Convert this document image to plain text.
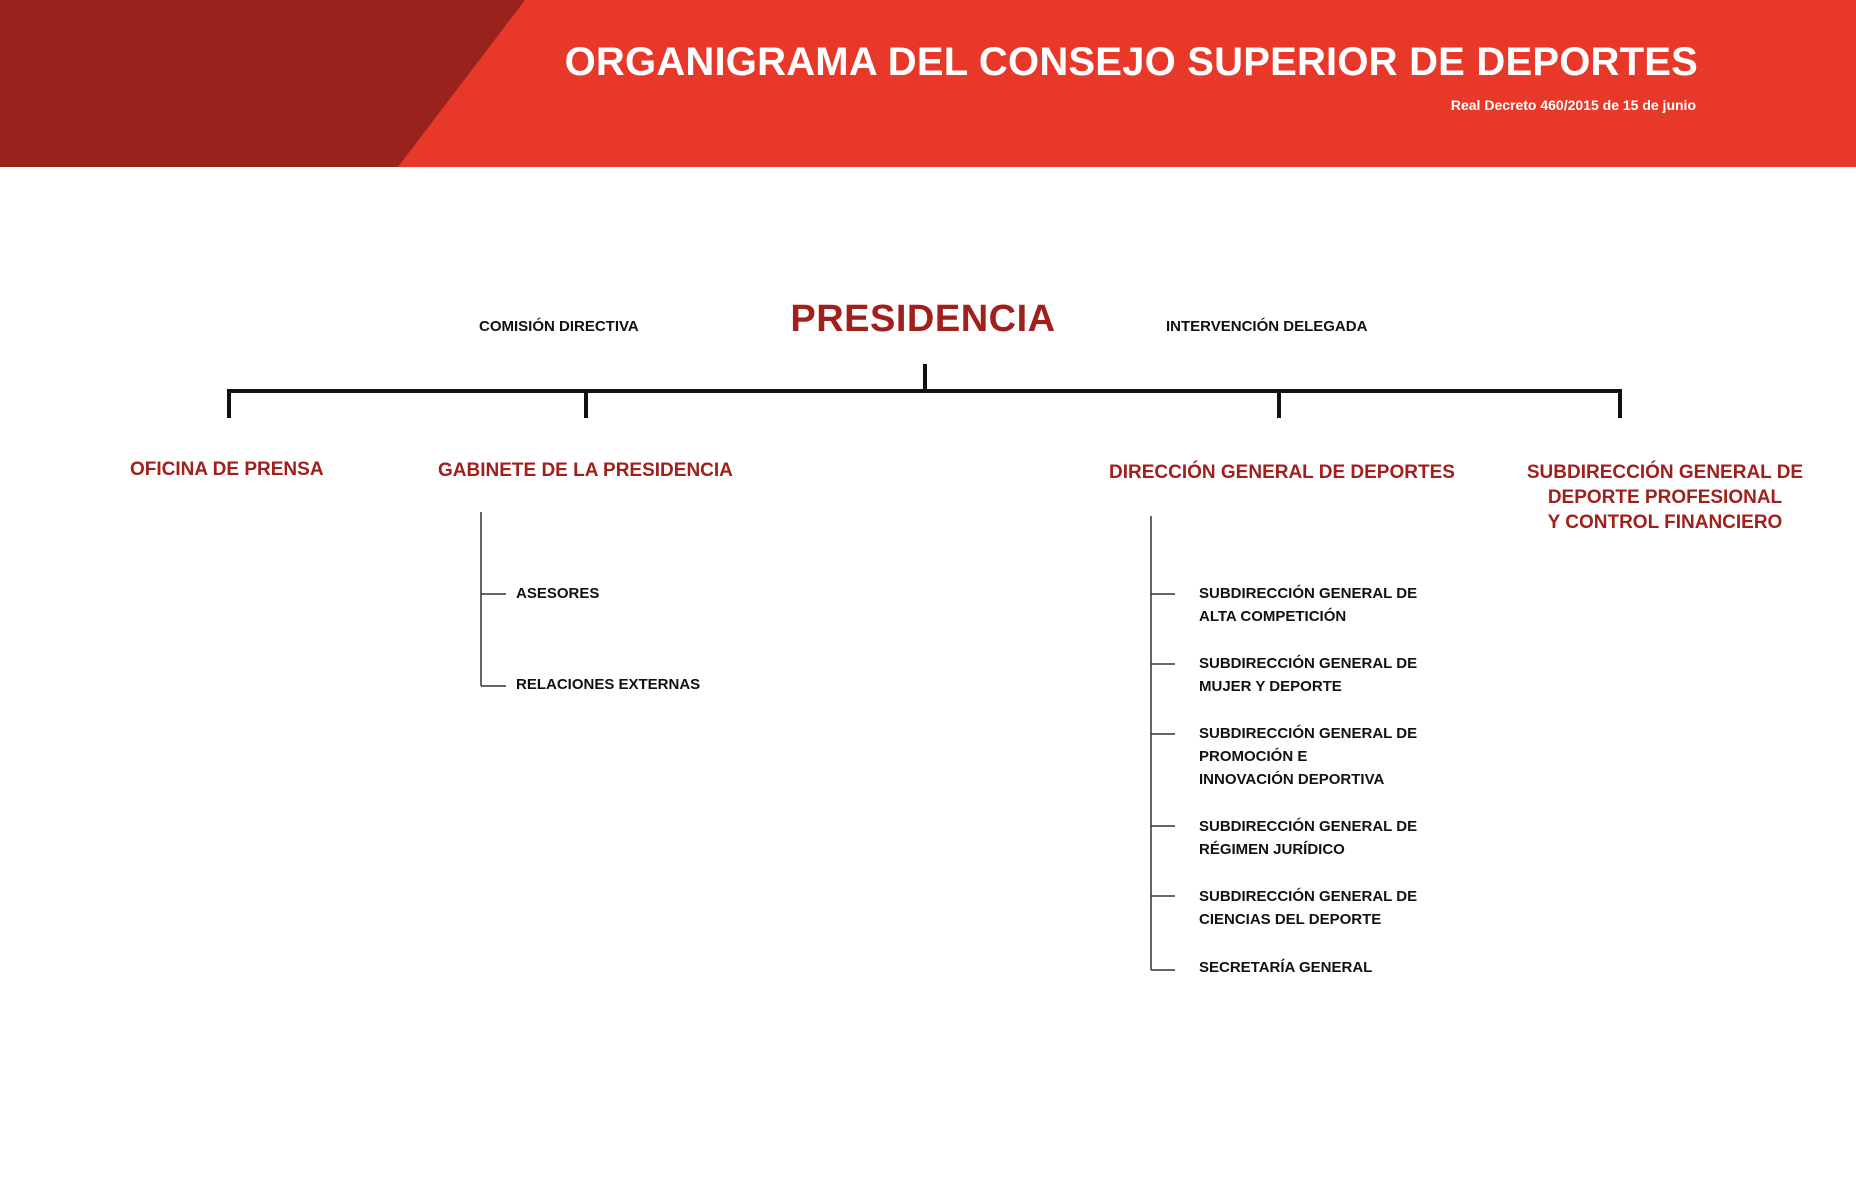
ORGANIGRAMA DEL CONSEJO SUPERIOR DE DEPORTES
Real Decreto 460/2015 de 15 de junio
COMISIÓN DIRECTIVA	PRESIDENCIA	INTERVENCIÓN DELEGADA
OFICINA DE PRENSA	GABINETE DE LA PRESIDENCIA	DIRECCIÓN GENERAL DE DEPORTES	SUBDIRECCIÓN GENERAL DE
DEPORTE PROFESIONAL
Y CONTROL FINANCIERO
ASESORES
RELACIONES EXTERNAS
SUBDIRECCIÓN GENERAL DE
ALTA COMPETICIÓN
SUBDIRECCIÓN GENERAL DE
MUJER Y DEPORTE
SUBDIRECCIÓN GENERAL DE
PROMOCIÓN E
INNOVACIÓN DEPORTIVA
SUBDIRECCIÓN GENERAL DE
RÉGIMEN JURÍDICO
SUBDIRECCIÓN GENERAL DE
CIENCIAS DEL DEPORTE
SECRETARÍA GENERAL
